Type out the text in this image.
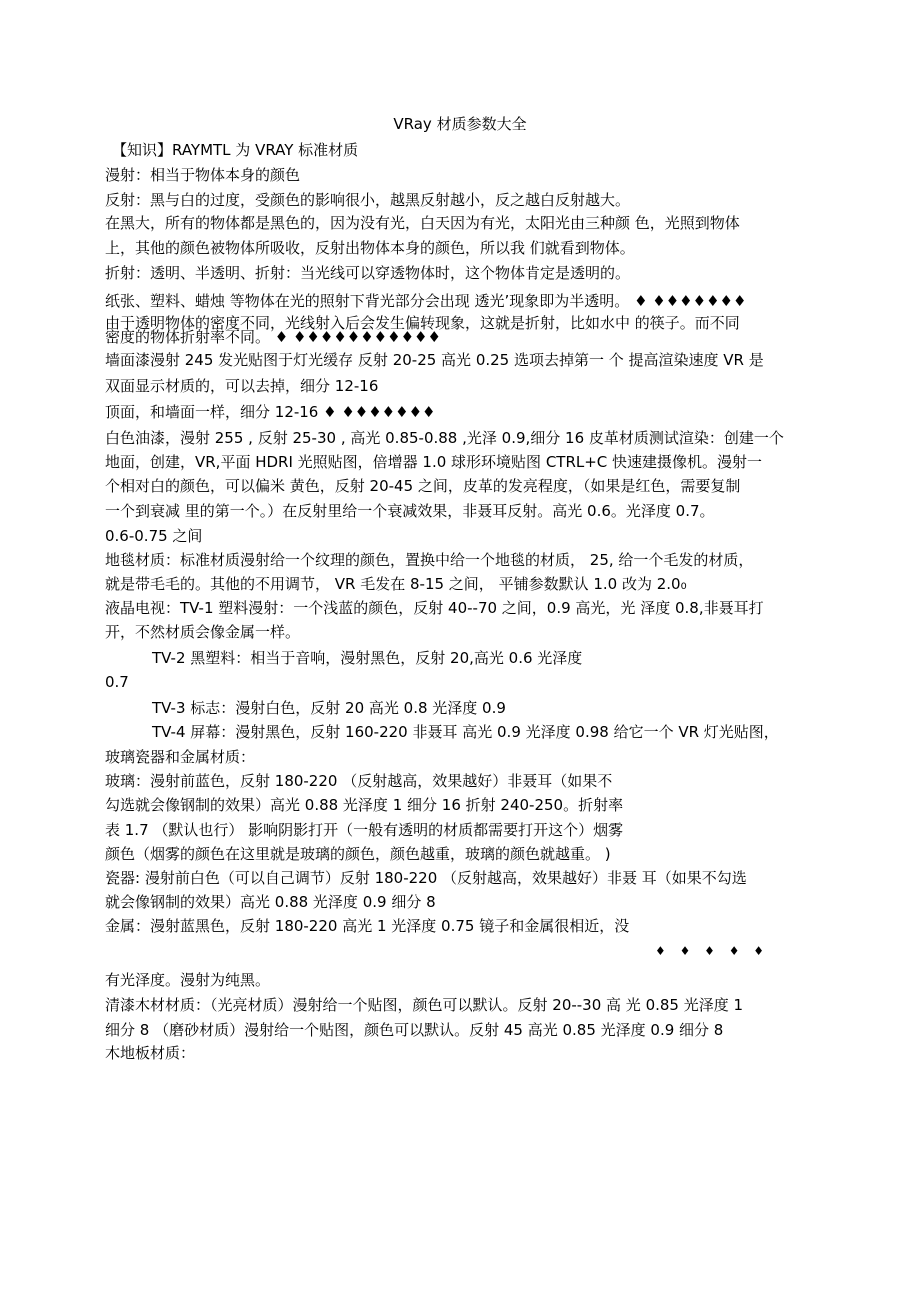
VRay 材质参数大全
【知识】RAYMTL 为 VRAY 标准材质
漫射：相当于物体本身的颜色
反射：黑与白的过度，受颜色的影响很小，越黑反射越小，反之越白反射越大。
在黑大，所有的物体都是黑色的，因为没有光，白天因为有光，太阳光由三种颜 色，光照到物体
上，其他的颜色被物体所吸收，反射出物体本身的颜色，所以我 们就看到物体。
折射：透明、半透明、折射：当光线可以穿透物体时，这个物体肯定是透明的。
纸张、塑料、蜡烛 等物体在光的照射下背光部分会出现 透光’现象即为半透明。 ♦ ♦♦♦♦♦♦♦
由于透明物体的密度不同，光线射入后会发生偏转现象，这就是折射，比如水中 的筷子。而不同
密度的物体折射率不同。 ♦ ♦♦♦♦♦♦♦♦♦♦♦
墙面漆漫射 245 发光贴图于灯光缓存 反射 20-25 高光 0.25 选项去掉第一 个 提高渲染速度 VR 是
双面显示材质的，可以去掉，细分 12-16
顶面，和墙面一样，细分 12-16 ♦ ♦♦♦♦♦♦♦
白色油漆，漫射 255 , 反射 25-30 , 高光 0.85-0.88 ,光泽 0.9,细分 16 皮革材质测试渲染：创建一个
地面，创建，VR,平面 HDRI 光照贴图，倍增器 1.0 球形环境贴图 CTRL+C 快速建摄像机。漫射一
个相对白的颜色，可以偏米 黄色，反射 20-45 之间，皮革的发亮程度，（如果是红色，需要复制
一个到衰减 里的第一个。）在反射里给一个衰减效果，非聂耳反射。高光 0.6。光泽度 0.7。
0.6-0.75 之间
地毯材质：标准材质漫射给一个纹理的颜色，置换中给一个地毯的材质， 25, 给一个毛发的材质，
就是带毛毛的。其他的不用调节， VR 毛发在 8-15 之间， 平铺参数默认 1.0 改为 2.0₀
液晶电视：TV-1 塑料漫射：一个浅蓝的颜色，反射 40--70 之间，0.9 高光，光 泽度 0.8,非聂耳打
开，不然材质会像金属一样。
TV-2 黑塑料：相当于音响，漫射黑色，反射 20,高光 0.6 光泽度
0.7
TV-3 标志：漫射白色，反射 20 高光 0.8 光泽度 0.9
TV-4 屏幕：漫射黑色，反射 160-220 非聂耳 高光 0.9 光泽度 0.98 给它一个 VR 灯光贴图，
玻璃瓷器和金属材质：
玻璃：漫射前蓝色，反射 180-220 （反射越高，效果越好）非聂耳（如果不
勾选就会像钢制的效果）高光 0.88 光泽度 1 细分 16 折射 240-250。折射率
表 1.7 （默认也行） 影响阴影打开（一般有透明的材质都需要打开这个）烟雾
颜色（烟雾的颜色在这里就是玻璃的颜色，颜色越重，玻璃的颜色就越重。 )
瓷器: 漫射前白色（可以自己调节）反射 180-220 （反射越高，效果越好）非聂 耳（如果不勾选
就会像钢制的效果）高光 0.88 光泽度 0.9 细分 8
金属：漫射蓝黑色，反射 180-220 高光 1 光泽度 0.75 镜子和金属很相近，没
♦ ♦ ♦ ♦ ♦
有光泽度。漫射为纯黑。
清漆木材材质：（光亮材质）漫射给一个贴图，颜色可以默认。反射 20--30 高 光 0.85 光泽度 1
细分 8 （磨砂材质）漫射给一个贴图，颜色可以默认。反射 45 高光 0.85 光泽度 0.9 细分 8
木地板材质：
